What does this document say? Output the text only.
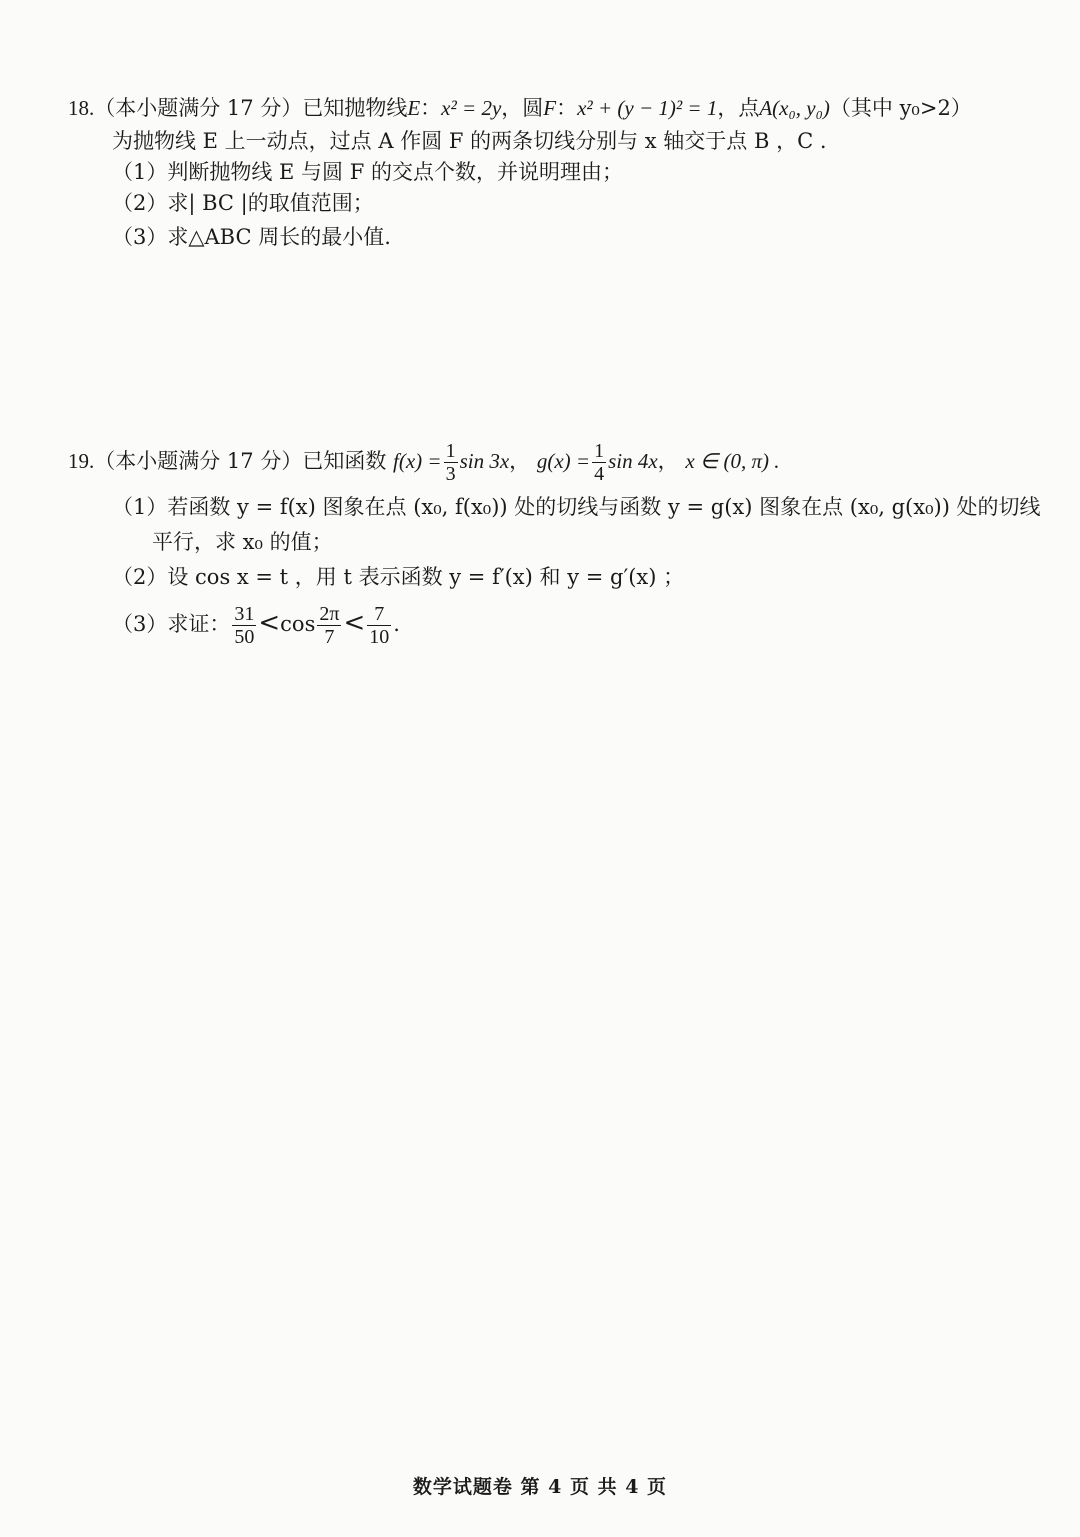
18.（本小题满分 17 分）已知抛物线E：x² = 2y，圆F：x² + (y − 1)² = 1，点A(x₀, y₀)（其中 y₀>2）
为抛物线 E 上一动点，过点 A 作圆 F 的两条切线分别与 x 轴交于点 B ，C .
（1）判断抛物线 E 与圆 F 的交点个数，并说明理由；
（2）求| BC |的取值范围；
（3）求△ABC 周长的最小值.
19.（本小题满分 17 分）已知函数 $f(x) = \frac{1}{3}$ sin 3x， $g(x) = \frac{1}{4}$ sin 4x， x ∈ (0, π) .
（1）若函数 y = f(x) 图象在点 (x₀, f(x₀)) 处的切线与函数 y = g(x) 图象在点 (x₀, g(x₀)) 处的切线
平行，求 x₀ 的值；
（2）设 cos x = t ，用 t 表示函数 y = f′(x) 和 y = g′(x) ；
（3）求证： $\frac{31}{50} <\cos \frac{2\pi}{7} < \frac{7}{10}$ .
数学试题卷 第 4 页 共 4 页
